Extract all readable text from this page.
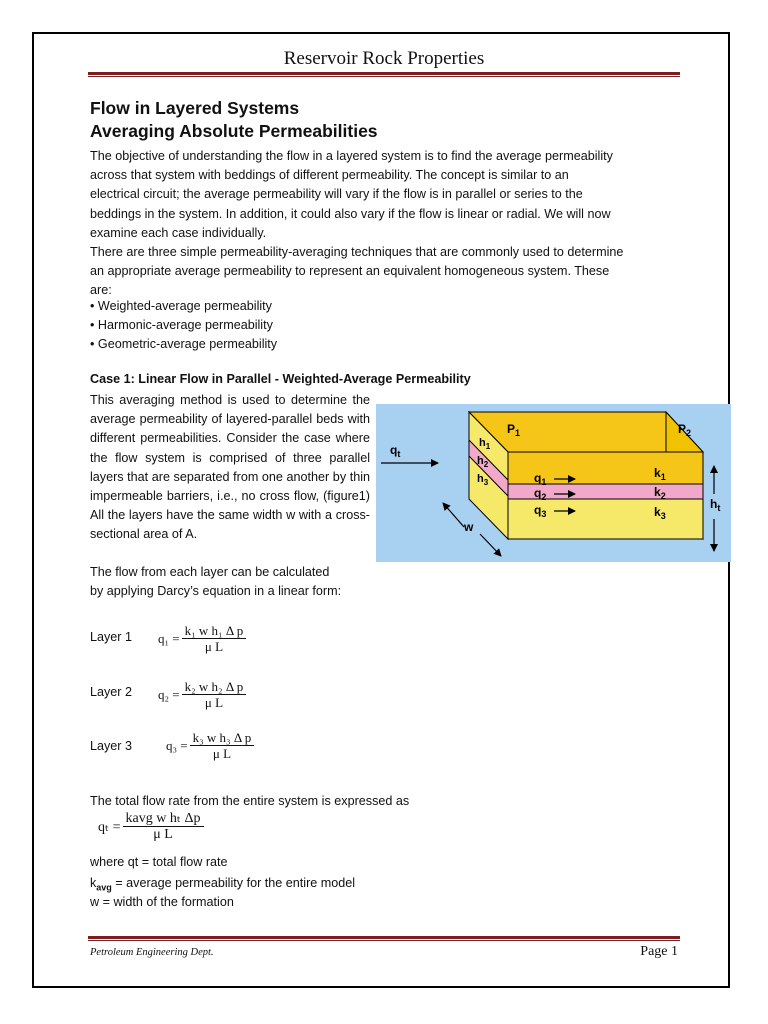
Reservoir Rock Properties
Flow in Layered Systems
Averaging Absolute Permeabilities
The objective of understanding the flow in a layered system is to find the average permeability
across that system with beddings of different permeability. The concept is similar to an
electrical circuit; the average permeability will vary if the flow is in parallel or series to the
beddings in the system. In addition, it could also vary if the flow is linear or radial. We will now
examine each case individually.
There are three simple permeability-averaging techniques that are commonly used to determine
an appropriate average permeability to represent an equivalent homogeneous system. These
are:
• Weighted-average permeability
• Harmonic-average permeability
• Geometric-average permeability
Case 1: Linear Flow in Parallel - Weighted-Average Permeability
This averaging method is used to determine the average permeability of layered-parallel beds with different permeabilities. Consider the case where the flow system is comprised of three parallel layers that are separated from one another by thin impermeable barriers, i.e., no cross flow, (figure1) All the layers have the same width w with a cross-sectional area of A.
The flow from each layer can be calculated
by applying Darcy’s equation in a linear form:
$q_t$
$P_1$	$P_2$
$h_1$
$h_2$
$h_3$	$q_1$
$q_2$
$q_3$
$k_1$
$k_2$
$k_3$
$h_t$
w
Layer 1 $q_1 = \frac{\text{k₁ w h₁ Δ p}}{\text{μ L}}$
Layer 2 $q_2 = \frac{\text{k₂ w h₂ Δ p}}{\text{μ L}}$
Layer 3	$q_3 = \frac{\text{k₃ w h₃ Δ p}}{\text{μ L}}$
The total flow rate from the entire system is expressed as
$q_t = \frac{\text{kavg w hₜ Δp}}{\text{μ L}}$
where qt = total flow rate
$k_{avg}$ = average permeability for the entire model
w = width of the formation
Petroleum Engineering Dept.	Page 1
